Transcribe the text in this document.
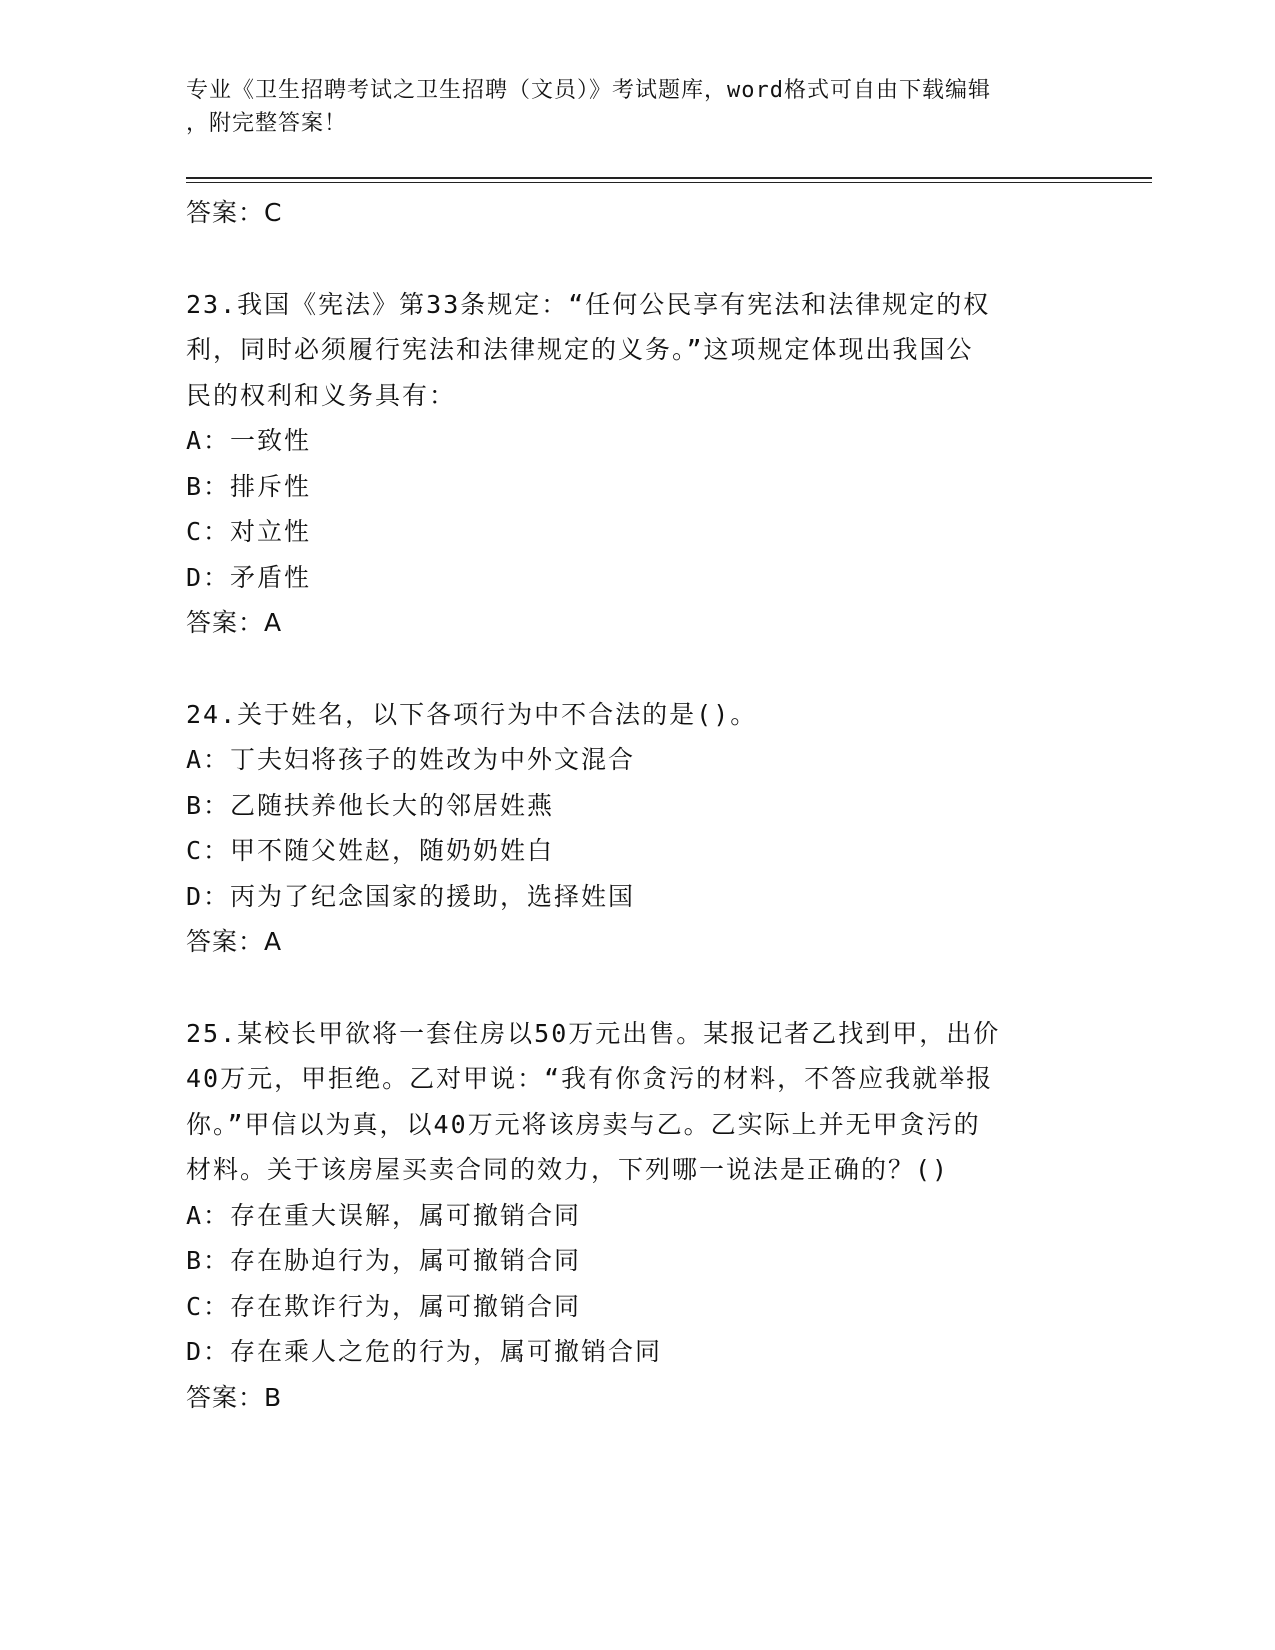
专业《卫生招聘考试之卫生招聘（文员）》考试题库，word格式可自由下载编辑
，附完整答案！
答案：C
23.我国《宪法》第33条规定：“任何公民享有宪法和法律规定的权
利，同时必须履行宪法和法律规定的义务。”这项规定体现出我国公
民的权利和义务具有：
A：一致性
B：排斥性
C：对立性
D：矛盾性
答案：A
24.关于姓名，以下各项行为中不合法的是()。
A：丁夫妇将孩子的姓改为中外文混合
B：乙随扶养他长大的邻居姓燕
C：甲不随父姓赵，随奶奶姓白
D：丙为了纪念国家的援助，选择姓国
答案：A
25.某校长甲欲将一套住房以50万元出售。某报记者乙找到甲，出价
40万元，甲拒绝。乙对甲说：“我有你贪污的材料，不答应我就举报
你。”甲信以为真，以40万元将该房卖与乙。乙实际上并无甲贪污的
材料。关于该房屋买卖合同的效力，下列哪一说法是正确的？()
A：存在重大误解，属可撤销合同
B：存在胁迫行为，属可撤销合同
C：存在欺诈行为，属可撤销合同
D：存在乘人之危的行为，属可撤销合同
答案：B
